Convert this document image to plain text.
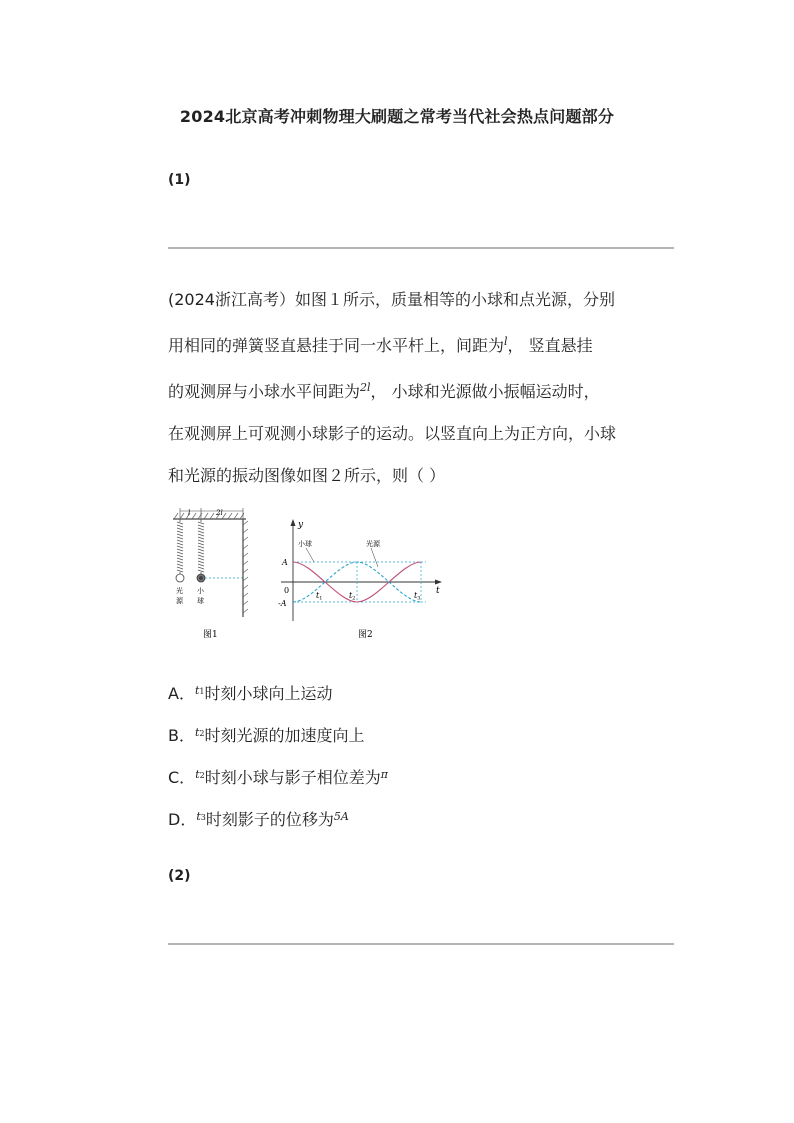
2024北京高考冲刺物理大刷题之常考当代社会热点问题部分
(1)
(2024浙江高考）如图１所示，质量相等的小球和点光源，分别
用相同的弹簧竖直悬挂于同一水平杆上，间距为$^l$， 竖直悬挂
的观测屏与小球水平间距为$^{2l}$， 小球和光源做小振幅运动时，
在观测屏上可观测小球影子的运动。以竖直向上为正方向，小球
和光源的振动图像如图２所示，则（ ）
l	2l
光
源
小
球
图1
y
t
A
-A
0
小球	光源
t1	t2	t3
图2
A．$^{t1}$时刻小球向上运动
B．$^{t2}$时刻光源的加速度向上
C．$^{t2}$时刻小球与影子相位差为$^\pi$
D．$^{t3}$时刻影子的位移为$^{5A}$
(2)
